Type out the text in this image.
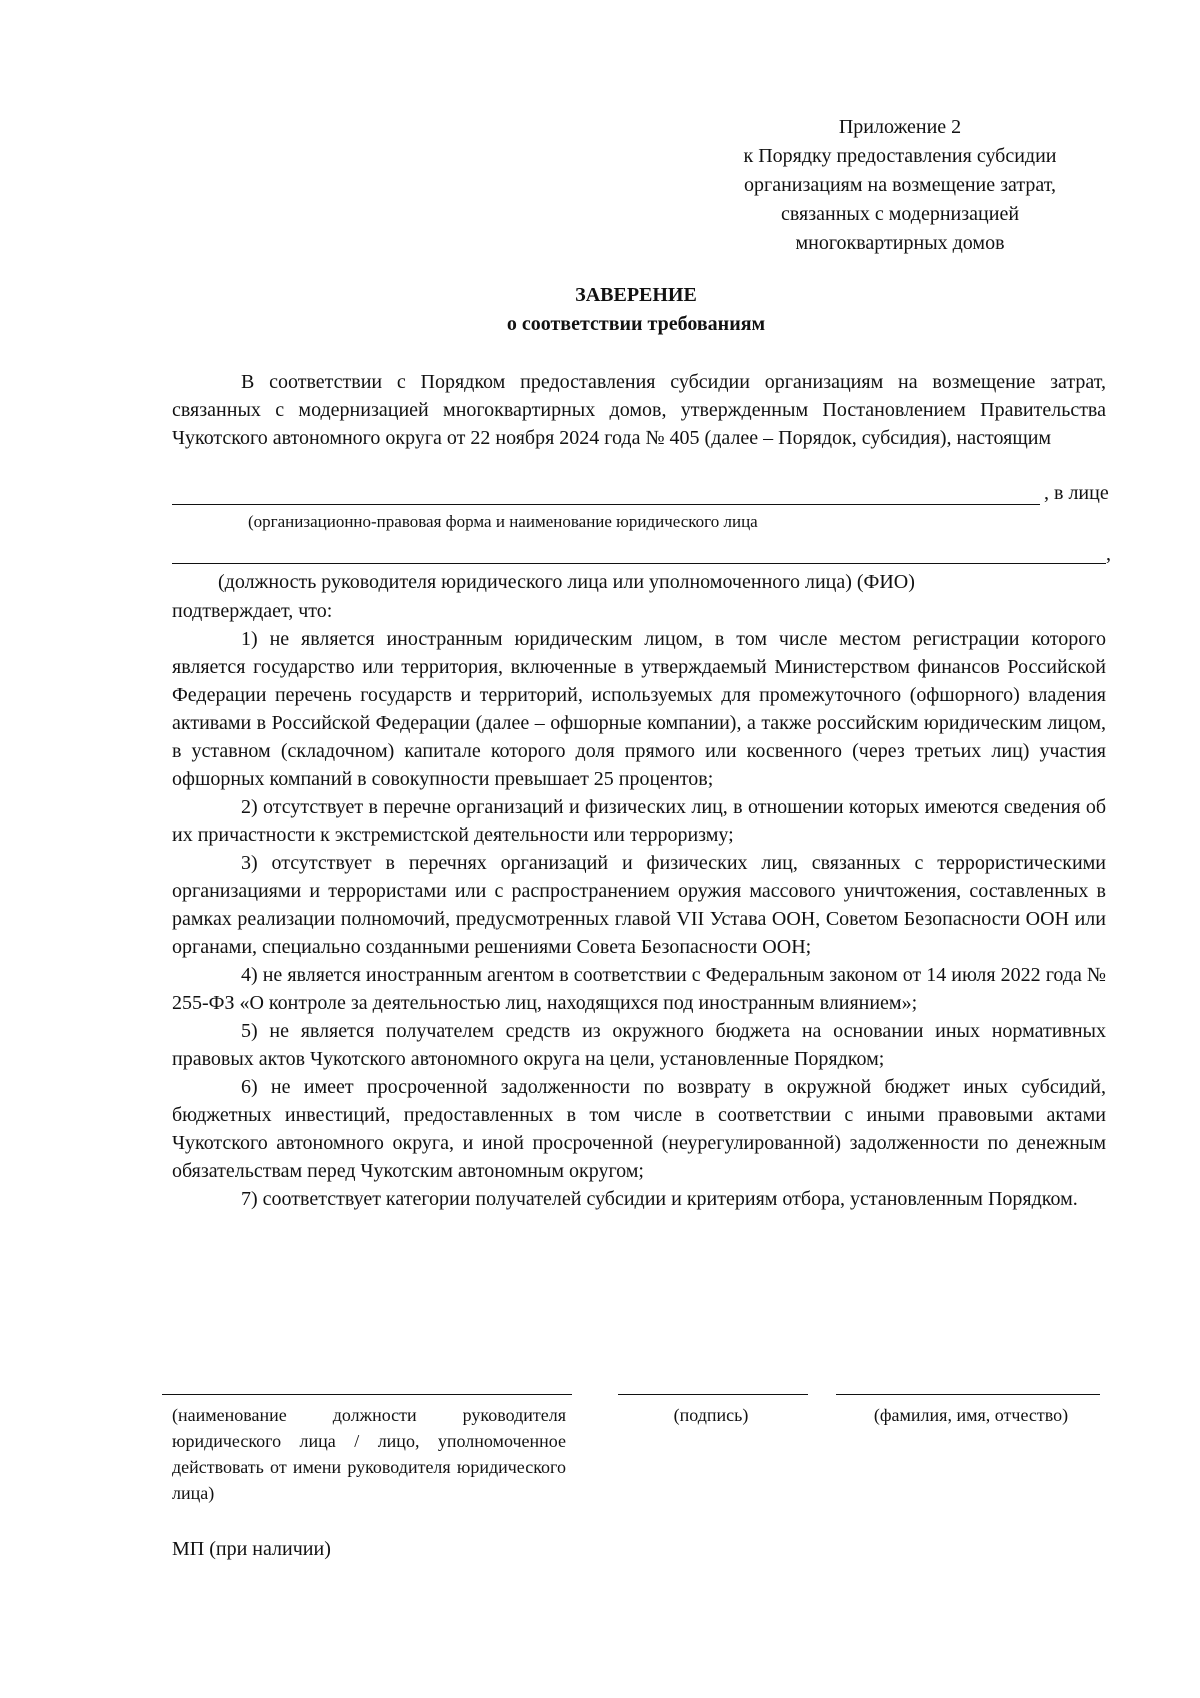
Приложение 2
к Порядку предоставления субсидии
организациям на возмещение затрат,
связанных с модернизацией
многоквартирных домов
ЗАВЕРЕНИЕ
о соответствии требованиям

В соответствии с Порядком предоставления субсидии организациям на возмещение затрат, связанных с модернизацией многоквартирных домов, утвержденным Постановлением Правительства Чукотского автономного округа от 22 ноября 2024 года № 405 (далее – Порядок, субсидия), настоящим

, в лице
(организационно-правовая форма и наименование юридического лица
,
(должность руководителя юридического лица или уполномоченного лица) (ФИО)

подтверждает, что:

1) не является иностранным юридическим лицом, в том числе местом регистрации которого является государство или территория, включенные в утверждаемый Министерством финансов Российской Федерации перечень государств и территорий, используемых для промежуточного (офшорного) владения активами в Российской Федерации (далее – офшорные компании), а также российским юридическим лицом, в уставном (складочном) капитале которого доля прямого или косвенного (через третьих лиц) участия офшорных компаний в совокупности превышает 25 процентов;

2) отсутствует в перечне организаций и физических лиц, в отношении которых имеются сведения об их причастности к экстремистской деятельности или терроризму;

3) отсутствует в перечнях организаций и физических лиц, связанных с террористическими организациями и террористами или с распространением оружия массового уничтожения, составленных в рамках реализации полномочий, предусмотренных главой VII Устава ООН, Советом Безопасности ООН или органами, специально созданными решениями Совета Безопасности ООН;

4) не является иностранным агентом в соответствии с Федеральным законом от 14 июля 2022 года № 255-ФЗ «О контроле за деятельностью лиц, находящихся под иностранным влиянием»;

5) не является получателем средств из окружного бюджета на основании иных нормативных правовых актов Чукотского автономного округа на цели, установленные Порядком;

6) не имеет просроченной задолженности по возврату в окружной бюджет иных субсидий, бюджетных инвестиций, предоставленных в том числе в соответствии с иными правовыми актами Чукотского автономного округа, и иной просроченной (неурегулированной) задолженности по денежным обязательствам перед Чукотским автономным округом;

7) соответствует категории получателей субсидии и критериям отбора, установленным Порядком.

(наименование должности руководителя юридического лица / лицо, уполномоченное действовать от имени руководителя юридического лица)
(подпись)	(фамилия, имя, отчество)
МП (при наличии)
